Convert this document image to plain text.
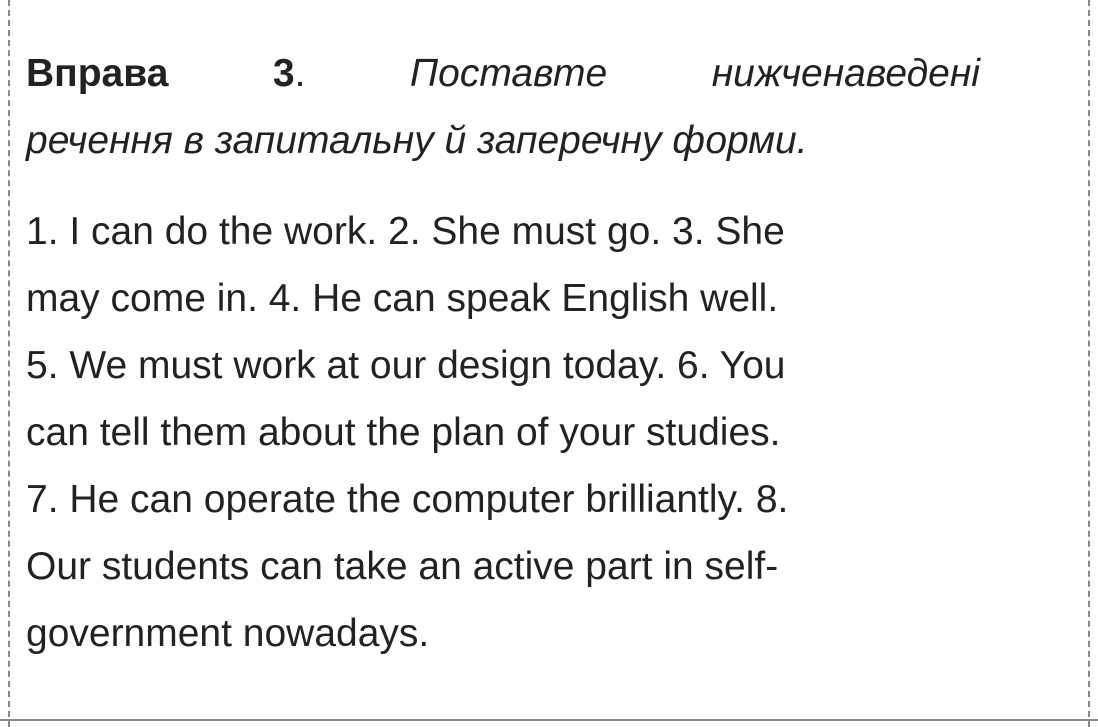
Вправа	3.	Поставте	нижченаведені
речення в запитальну й заперечну форми.
1. I can do the work. 2. She must go. 3. She
may come in. 4. He can speak English well.
5. We must work at our design today. 6. You
can tell them about the plan of your studies.
7. He can operate the computer brilliantly. 8.
Our students can take an active part in self-
government nowadays.
